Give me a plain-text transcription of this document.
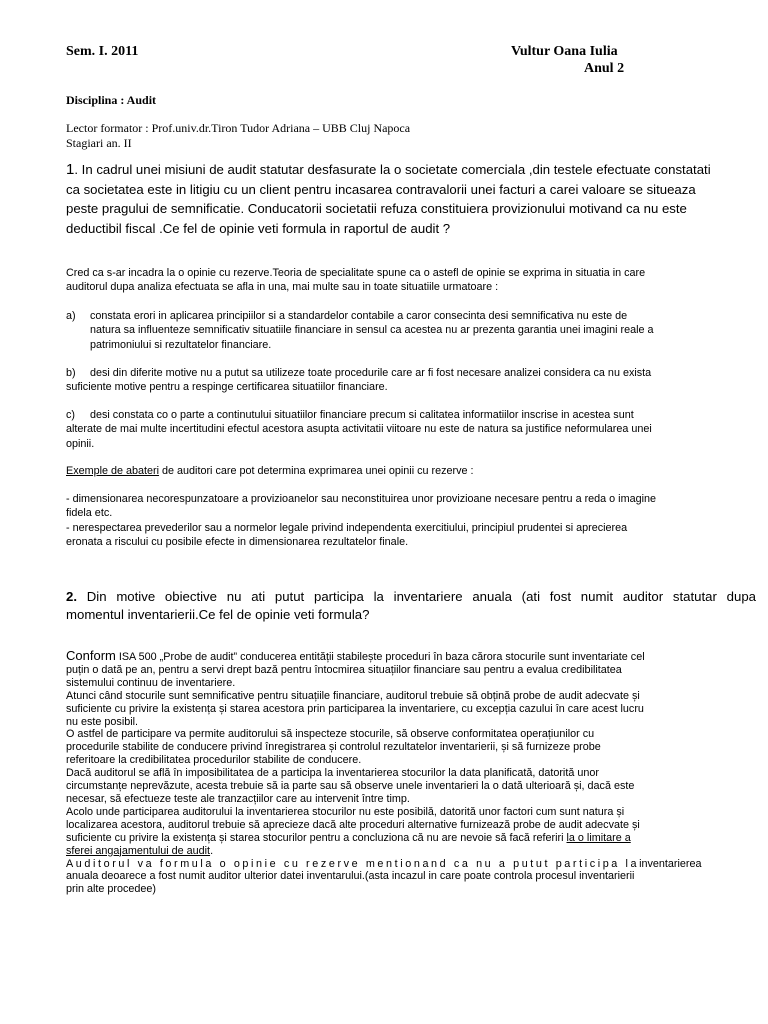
Sem. I. 2011	Vultur Oana Iulia
Anul 2
Disciplina : Audit
Lector formator : Prof.univ.dr.Tiron Tudor Adriana – UBB Cluj Napoca
Stagiari an. II
1. In cadrul unei misiuni de audit statutar desfasurate la o societate comerciala ,din testele efectuate constatati
ca societatea este in litigiu cu un client pentru incasarea contravalorii unei facturi a carei valoare se situeaza
peste pragului de semnificatie. Conducatorii societatii refuza constituiera provizionului motivand ca nu este
deductibil fiscal .Ce fel de opinie veti formula in raportul de audit ?
Cred ca s-ar incadra la o opinie cu rezerve.Teoria de specialitate spune ca o astefl de opinie se exprima in situatia in care
auditorul dupa analiza efectuata se afla in una, mai multe sau in toate situatiile urmatoare :
a) constata erori in aplicarea principiilor si a standardelor contabile a caror consecinta desi semnificativa nu este de
natura sa influenteze semnificativ situatiile financiare in sensul ca acestea nu ar prezenta garantia unei imagini reale a
patrimoniului si rezultatelor financiare.
b)	desi din diferite motive nu a putut sa utilizeze toate procedurile care ar fi fost necesare analizei considera ca nu exista
suficiente motive pentru a respinge certificarea situatiilor financiare.
c)	desi constata co o parte a continutului situatiilor financiare precum si calitatea informatiilor inscrise in acestea sunt
alterate de mai multe incertitudini efectul acestora asupta activitatii viitoare nu este de natura sa justifice neformularea unei
opinii.
Exemple de abateri de auditori care pot determina exprimarea unei opinii cu rezerve :
- dimensionarea necorespunzatoare a provizioanelor sau neconstituirea unor provizioane necesare pentru a reda o imagine
fidela etc.
- nerespectarea prevederilor sau a normelor legale privind independenta exercitiului, principiul prudentei si aprecierea
eronata a riscului cu posibile efecte in dimensionarea rezultatelor finale.
2. Din motive obiective nu ati putut participa la inventariere anuala (ati fost numit auditor statutar dupa
momentul inventarierii.Ce fel de opinie veti formula?
Conform ISA 500 „Probe de audit” conducerea entității stabilește proceduri în baza cărora stocurile sunt inventariate cel
puțin o dată pe an, pentru a servi drept bază pentru întocmirea situațiilor financiare sau pentru a evalua credibilitatea
sistemului continuu de inventariere.
Atunci când stocurile sunt semnificative pentru situațiile financiare, auditorul trebuie să obțină probe de audit adecvate și
suficiente cu privire la existența și starea acestora prin participarea la inventariere, cu excepția cazului în care acest lucru
nu este posibil.
O astfel de participare va permite auditorului să inspecteze stocurile, să observe conformitatea operațiunilor cu
procedurile stabilite de conducere privind înregistrarea și controlul rezultatelor inventarierii, și să furnizeze probe
referitoare la credibilitatea procedurilor stabilite de conducere.
Dacă auditorul se află în imposibilitatea de a participa la inventarierea stocurilor la data planificată, datorită unor
circumstanțe neprevăzute, acesta trebuie să ia parte sau să observe unele inventarieri la o dată ulterioară și, dacă este
necesar, să efectueze teste ale tranzacțiilor care au intervenit între timp.
Acolo unde participarea auditorului la inventarierea stocurilor nu este posibilă, datorită unor factori cum sunt natura și
localizarea acestora, auditorul trebuie să aprecieze dacă alte proceduri alternative furnizează probe de audit adecvate și
suficiente cu privire la existența și starea stocurilor pentru a concluziona că nu are nevoie să facă referiri la o limitare a
sferei angajamentului de audit.
Auditorul va formula o opinie cu rezerve mentionand ca nu a putut participa lainventarierea
anuala deoarece a fost numit auditor ulterior datei inventarului.(asta incazul in care poate controla procesul inventarierii
prin alte procedee)
